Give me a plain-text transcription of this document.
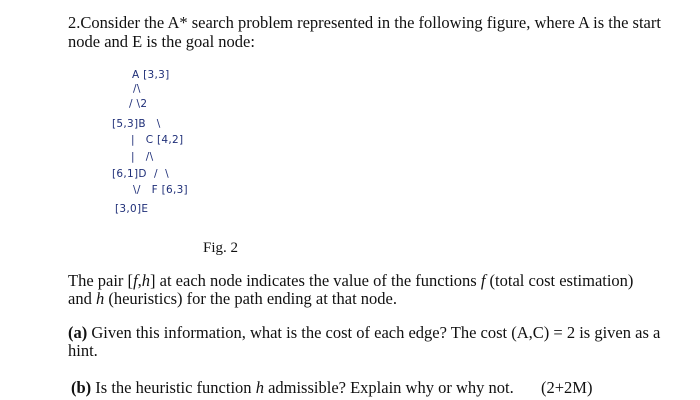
2.Consider the A* search problem represented in the following figure, where A is the start
node and E is the goal node:
A [3,3]
/\
/ \2
[5,3]B   \
|   C [4,2]
|   /\
[6,1]D  /  \
\/   F [6,3]
[3,0]E
Fig. 2
The pair [f,h] at each node indicates the value of the functions f (total cost estimation)
and h (heuristics) for the path ending at that node.
(a) Given this information, what is the cost of each edge? The cost (A,C) = 2 is given as a
hint.
(b) Is the heuristic function h admissible? Explain why or why not. (2+2M)
